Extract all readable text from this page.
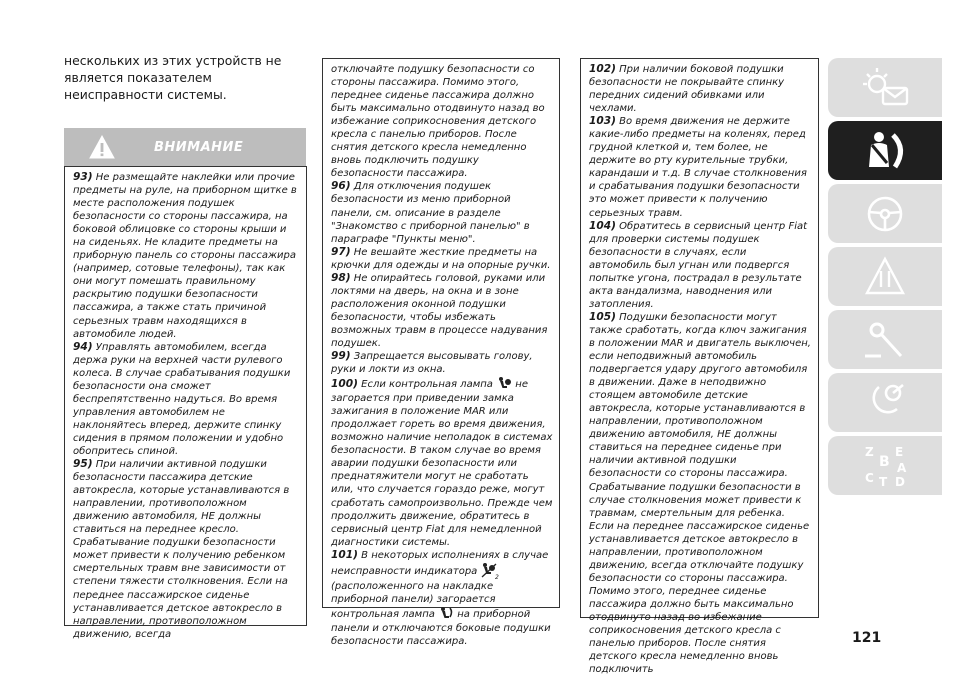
нескольких из этих устройств не является показателем неисправности системы.
ВНИМАНИЕ

93) Не размещайте наклейки или прочие предметы на руле, на приборном щитке в месте расположения подушек безопасности со стороны пассажира, на боковой облицовке со стороны крыши и на сиденьях. Не кладите предметы на приборную панель со стороны пассажира (например, сотовые телефоны), так как они могут помешать правильному раскрытию подушки безопасности пассажира, а также стать причиной серьезных травм находящихся в автомобиле людей.

94) Управлять автомобилем, всегда держа руки на верхней части рулевого колеса. В случае срабатывания подушки безопасности она сможет беспрепятственно надуться. Во время управления автомобилем не наклоняйтесь вперед, держите спинку сидения в прямом положении и удобно обопритесь спиной.

95) При наличии активной подушки безопасности пассажира детские автокресла, которые устанавливаются в направлении, противоположном движению автомобиля, НЕ должны ставиться на переднее кресло. Срабатывание подушки безопасности может привести к получению ребенком смертельных травм вне зависимости от степени тяжести столкновения. Если на переднее пассажирское сиденье устанавливается детское автокресло в направлении, противоположном движению, всегда

отключайте подушку безопасности со стороны пассажира. Помимо этого, переднее сиденье пассажира должно быть максимально отодвинуто назад во избежание соприкосновения детского кресла с панелью приборов. После снятия детского кресла немедленно вновь подключить подушку безопасности пассажира.

96) Для отключения подушек безопасности из меню приборной панели, см. описание в разделе "Знакомство с приборной панелью" в параграфе "Пункты меню".

97) Не вешайте жесткие предметы на крючки для одежды и на опорные ручки.

98) Не опирайтесь головой, руками или локтями на дверь, на окна и в зоне расположения оконной подушки безопасности, чтобы избежать возможных травм в процессе надувания подушек.

99) Запрещается высовывать голову, руки и локти из окна.

100) Если контрольная лампа не загорается при приведении замка зажигания в положение MAR или продолжает гореть во время движения, возможно наличие неполадок в системах безопасности. В таком случае во время аварии подушки безопасности или преднатяжители могут не сработать или, что случается гораздо реже, могут сработать самопроизвольно. Прежде чем продолжить движение, обратитесь в сервисный центр Fiat для немедленной диагностики системы.

101) В некоторых исполнениях в случае неисправности индикатора
2
(расположенного на накладке приборной панели) загорается контрольная лампа на приборной панели и отключаются боковые подушки безопасности пассажира.

102) При наличии боковой подушки безопасности не покрывайте спинку передних сидений обивками или чехлами.

103) Во время движения не держите какие-либо предметы на коленях, перед грудной клеткой и, тем более, не держите во рту курительные трубки, карандаши и т.д. В случае столкновения и срабатывания подушки безопасности это может привести к получению серьезных травм.

104) Обратитесь в сервисный центр Fiat для проверки системы подушек безопасности в случаях, если автомобиль был угнан или подвергся попытке угона, пострадал в результате акта вандализма, наводнения или затопления.

105) Подушки безопасности могут также сработать, когда ключ зажигания в положении MAR и двигатель выключен, если неподвижный автомобиль подвергается удару другого автомобиля в движении. Даже в неподвижно стоящем автомобиле детские автокресла, которые устанавливаются в направлении, противоположном движению автомобиля, НЕ должны ставиться на переднее сиденье при наличии активной подушки безопасности со стороны пассажира. Срабатывание подушки безопасности в случае столкновения может привести к травмам, смертельным для ребенка. Если на переднее пассажирское сиденье устанавливается детское автокресло в направлении, противоположном движению, всегда отключайте подушку безопасности со стороны пассажира. Помимо этого, переднее сиденье пассажира должно быть максимально отодвинуто назад во избежание соприкосновения детского кресла с панелью приборов. После снятия детского кресла немедленно вновь подключить

121
Z
B
E
A
C T D
